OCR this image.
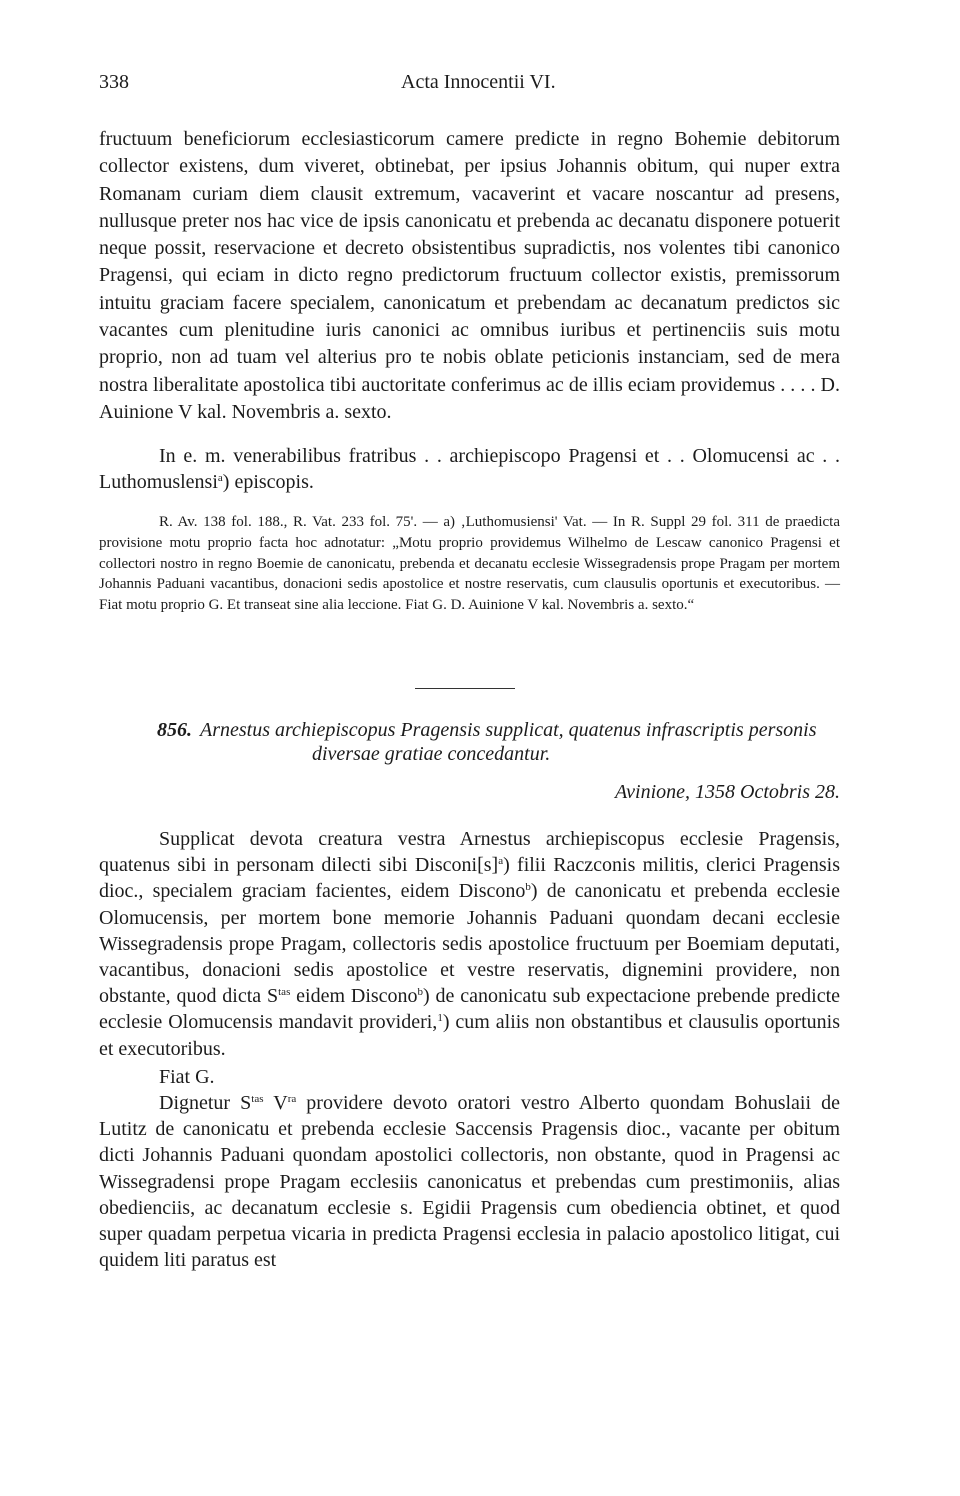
338	Acta Innocentii VI.

fructuum beneficiorum ecclesiasticorum camere predicte in regno Bohemie debitorum collector existens, dum viveret, obtinebat, per ipsius Johannis obitum, qui nuper extra Romanam curiam diem clausit extremum, vacaverint et vacare noscantur ad presens, nullusque preter nos hac vice de ipsis canonicatu et prebenda ac decanatu disponere potuerit neque possit, reservacione et decreto obsistentibus supradictis, nos volentes tibi canonico Pragensi, qui eciam in dicto regno predictorum fructuum collector existis, premissorum intuitu graciam facere specialem, canonicatum et prebendam ac decanatum predictos sic vacantes cum plenitudine iuris canonici ac omnibus iuribus et pertinenciis suis motu proprio, non ad tuam vel alterius pro te nobis oblate peticionis instanciam, sed de mera nostra liberalitate apostolica tibi auctoritate conferimus ac de illis eciam providemus . . . . D. Auinione V kal. Novembris a. sexto.

In e. m. venerabilibus fratribus . . archiepiscopo Pragensi et . . Olomucensi ac . . Luthomuslensi$^a$) episcopis.

R. Av. 138 fol. 188., R. Vat. 233 fol. 75'. — a) ‚Luthomusiensi' Vat. — In R. Suppl 29 fol. 311 de praedicta provisione motu proprio facta hoc adnotatur: „Motu proprio providemus Wilhelmo de Lescaw canonico Pragensi et collectori nostro in regno Boemie de canonicatu, prebenda et decanatu ecclesie Wissegradensis prope Pragam per mortem Johannis Paduani vacantibus, donacioni sedis apostolice et nostre reservatis, cum clausulis oportunis et executoribus. — Fiat motu proprio G. Et transeat sine alia leccione. Fiat G. D. Auinione V kal. Novembris a. sexto.“

856. Arnestus archiepiscopus Pragensis supplicat, quatenus infrascriptis personis
diversae gratiae concedantur.
Avinione, 1358 Octobris 28.

Supplicat devota creatura vestra Arnestus archiepiscopus ecclesie Pragensis, quatenus sibi in personam dilecti sibi $Disconi[s]^a$) filii Raczconis militis, clerici Pragensis dioc., specialem graciam facientes, eidem Discono$^b$) de canonicatu et prebenda ecclesie Olomucensis, per mortem bone memorie Johannis Paduani quondam decani ecclesie Wissegradensis prope Pragam, collectoris sedis apostolice fructuum per Boemiam deputati, vacantibus, donacioni sedis apostolice et vestre reservatis, dignemini providere, non obstante, quod dicta $S^{tas}$ eidem Discono$^b$) de canonicatu sub expectacione prebende predicte ecclesie Olomucensis mandavit provideri,$^1$) cum aliis non obstantibus et clausulis oportunis et executoribus.

Fiat G.

Dignetur $S^{tas}$ $V^{ra}$ providere devoto oratori vestro Alberto quondam Bohuslaii de Lutitz de canonicatu et prebenda ecclesie Saccensis Pragensis dioc., vacante per obitum dicti Johannis Paduani quondam apostolici collectoris, non obstante, quod in Pragensi ac Wissegradensi prope Pragam ecclesiis canonicatus et prebendas cum prestimoniis, alias obedienciis, ac decanatum ecclesie s. Egidii Pragensis cum obediencia obtinet, et quod super quadam perpetua vicaria in predicta Pragensi ecclesia in palacio apostolico litigat, cui quidem liti paratus est
